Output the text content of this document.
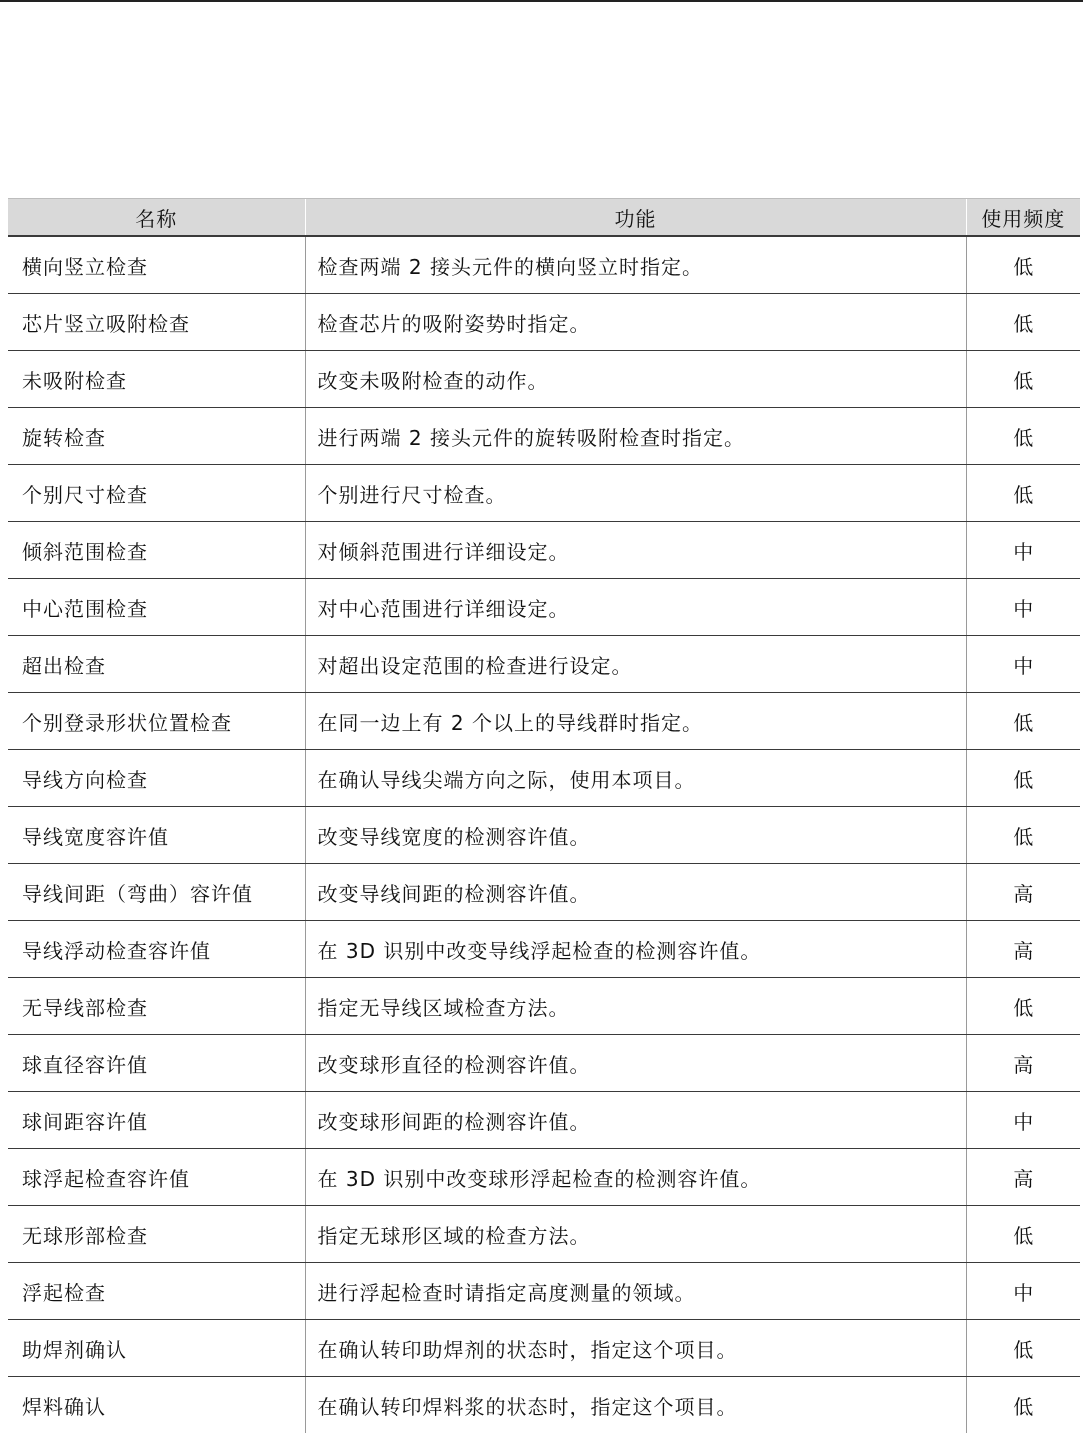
名称	功能	使用频度
横向竖立检查	检查两端 2 接头元件的横向竖立时指定。	低
芯片竖立吸附检查	检查芯片的吸附姿势时指定。	低
未吸附检查	改变未吸附检查的动作。	低
旋转检查	进行两端 2 接头元件的旋转吸附检查时指定。	低
个别尺寸检查	个别进行尺寸检查。	低
倾斜范围检查	对倾斜范围进行详细设定。	中
中心范围检查	对中心范围进行详细设定。	中
超出检查	对超出设定范围的检查进行设定。	中
个别登录形状位置检查	在同一边上有 2 个以上的导线群时指定。	低
导线方向检查	在确认导线尖端方向之际，使用本项目。	低
导线宽度容许值	改变导线宽度的检测容许值。	低
导线间距（弯曲）容许值	改变导线间距的检测容许值。	高
导线浮动检查容许值	在 3D 识别中改变导线浮起检查的检测容许值。	高
无导线部检查	指定无导线区域检查方法。	低
球直径容许值	改变球形直径的检测容许值。	高
球间距容许值	改变球形间距的检测容许值。	中
球浮起检查容许值	在 3D 识别中改变球形浮起检查的检测容许值。	高
无球形部检查	指定无球形区域的检查方法。	低
浮起检查	进行浮起检查时请指定高度测量的领域。	中
助焊剂确认	在确认转印助焊剂的状态时，指定这个项目。	低
焊料确认	在确认转印焊料浆的状态时，指定这个项目。	低
